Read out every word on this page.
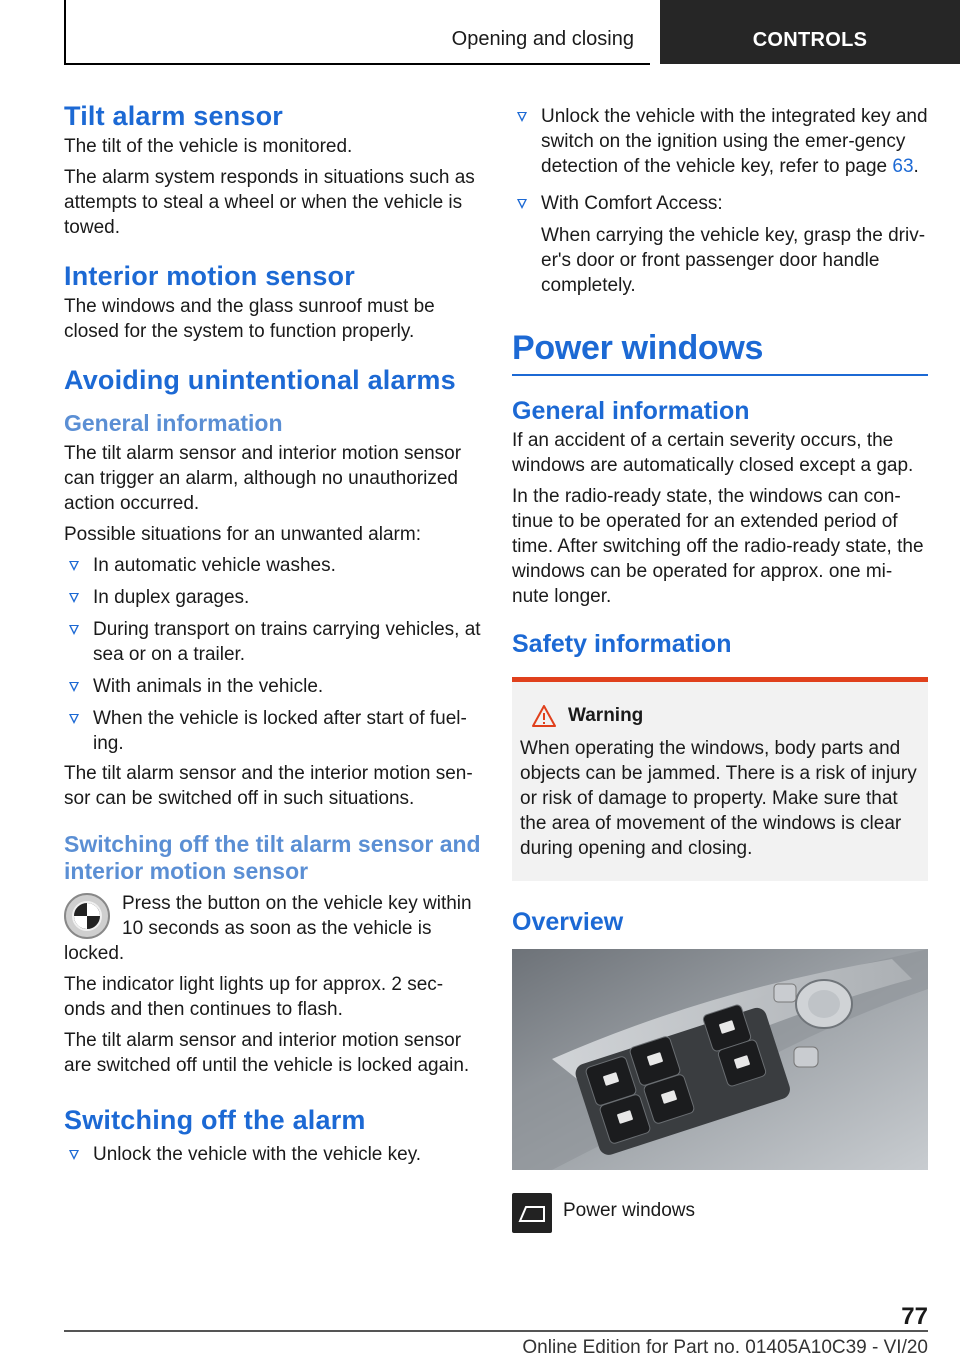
Opening and closing	CONTROLS
Tilt alarm sensor

The tilt of the vehicle is monitored.

The alarm system responds in situations such as attempts to steal a wheel or when the vehicle is towed.

Interior motion sensor

The windows and the glass sunroof must be closed for the system to function properly.

Avoiding unintentional alarms
General information

The tilt alarm sensor and interior motion sensor can trigger an alarm, although no unauthorized action occurred.

Possible situations for an unwanted alarm:

In automatic vehicle washes.
In duplex garages.
During transport on trains carrying vehicles, at sea or on a trailer.
With animals in the vehicle.
When the vehicle is locked after start of fuel-ing.

The tilt alarm sensor and the interior motion sen-sor can be switched off in such situations.

Switching off the tilt alarm sensor and interior motion sensor
Press the button on the vehicle key within 10 seconds as soon as the vehicle is locked.

The indicator light lights up for approx. 2 sec-onds and then continues to flash.

The tilt alarm sensor and interior motion sensor are switched off until the vehicle is locked again.

Switching off the alarm
Unlock the vehicle with the vehicle key.
Unlock the vehicle with the integrated key and switch on the ignition using the emer-gency detection of the vehicle key, refer to page 63.
With Comfort Access:
When carrying the vehicle key, grasp the driv-er's door or front passenger door handle completely.
Power windows
General information

If an accident of a certain severity occurs, the windows are automatically closed except a gap.

In the radio-ready state, the windows can con-tinue to be operated for an extended period of time. After switching off the radio-ready state, the windows can be operated for approx. one mi-nute longer.

Safety information
Warning

When operating the windows, body parts and objects can be jammed. There is a risk of injury or risk of damage to property. Make sure that the area of movement of the windows is clear during opening and closing.

Overview
Power windows
77
Online Edition for Part no. 01405A10C39 - VI/20
